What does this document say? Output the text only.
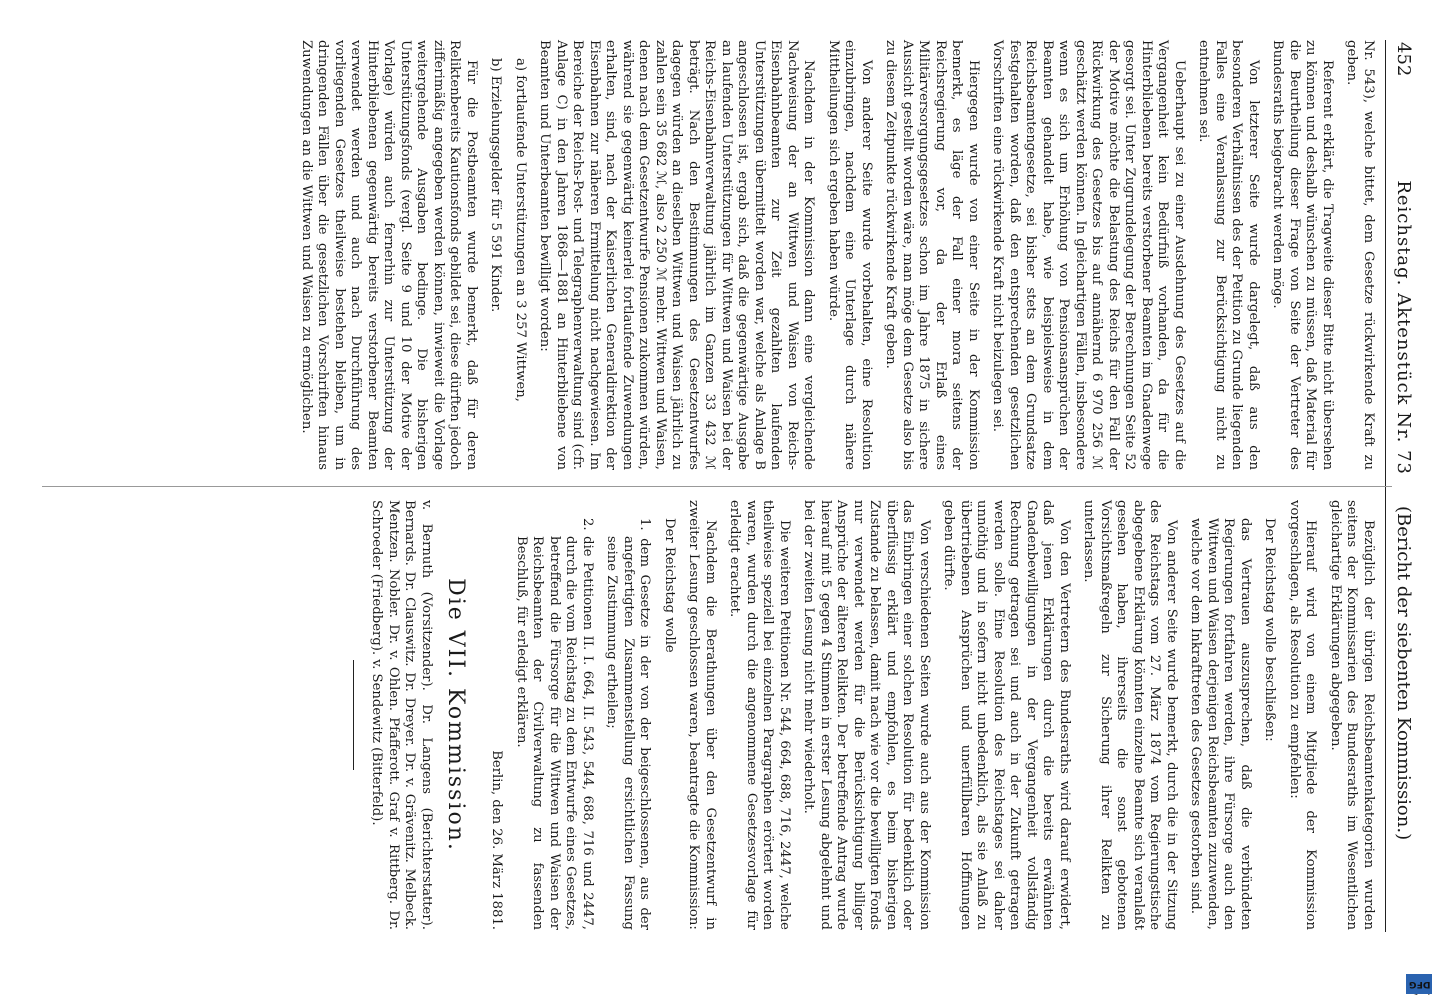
452
Reichstag. Aktenstück Nr. 73
(Bericht der siebenten Kommission.)

Nr. 543), welche bittet, dem Gesetze rückwirkende Kraft zu geben.

Referent erklärt, die Tragweite dieser Bitte nicht übersehen zu können und deshalb wünschen zu müssen, daß Material für die Beurtheilung dieser Frage von Seite der Vertreter des Bundesraths beigebracht werden möge.

Von letzterer Seite wurde dargelegt, daß aus den besonderen Verhältnissen des der Petition zu Grunde liegenden Falles eine Veranlassung zur Berücksichtigung nicht zu entnehmen sei.

Ueberhaupt sei zu einer Ausdehnung des Gesetzes auf die Vergangenheit kein Bedürfniß vorhanden, da für die Hinterbliebenen bereits verstorbener Beamten im Gnadenwege gesorgt sei. Unter Zugrundelegung der Berechnungen Seite 52 der Motive möchte die Belastung des Reichs für den Fall der Rückwirkung des Gesetzes bis auf annähernd 6 970 256 ℳ geschätzt werden können. In gleichartigen Fällen, insbesondere wenn es sich um Erhöhung von Pensionsansprüchen der Beamten gehandelt habe, wie beispielsweise in dem Reichsbeamtengesetze, sei bisher stets an dem Grundsatze festgehalten worden, daß den entsprechenden gesetzlichen Vorschriften eine rückwirkende Kraft nicht beizulegen sei.

Hiergegen wurde von einer Seite in der Kommission bemerkt, es läge der Fall einer mora seitens der Reichsregierung vor, da der Erlaß eines Militärversorgungsgesetzes schon im Jahre 1875 in sichere Aussicht gestellt worden wäre, man möge dem Gesetze also bis zu diesem Zeitpunkte rückwirkende Kraft geben.

Von anderer Seite wurde vorbehalten, eine Resolution einzubringen, nachdem eine Unterlage durch nähere Mittheilungen sich ergeben haben würde.

Nachdem in der Kommission dann eine vergleichende Nachweisung der an Wittwen und Waisen von Reichs-Eisenbahnbeamten zur Zeit gezahlten laufenden Unterstützungen übermittelt worden war, welche als Anlage B angeschlossen ist, ergab sich, daß die gegenwärtige Ausgabe an laufenden Unterstützungen für Wittwen und Waisen bei der Reichs-Eisenbahnverwaltung jährlich im Ganzen 33 432 ℳ beträgt. Nach den Bestimmungen des Gesetzentwurfes dagegen würden an dieselben Wittwen und Waisen jährlich zu zahlen sein 35 682 ℳ, also 2 250 ℳ mehr. Wittwen und Waisen, denen nach dem Gesetzentwurfe Pensionen zukommen würden, während sie gegenwärtig keinerlei fortlaufende Zuwendungen erhalten, sind, nach der Kaiserlichen Generaldirektion der Eisenbahnen zur näheren Ermittelung nicht nachgewiesen. Im Bereiche der Reichs-Post- und Telegraphenverwaltung sind (cfr. Anlage C) in den Jahren 1868—1881 an Hinterbliebene von Beamten und Unterbeamten bewilligt worden:

a) fortlaufende Unterstützungen an 3 257 Wittwen,

b) Erziehungsgelder für 5 591 Kinder.

Für die Postbeamten wurde bemerkt, daß für deren Reliktenbereits Kautionsfonds gebildet sei, diese dürften jedoch zifferimäßig angegeben werden können, inwieweit die Vorlage weitergehende Ausgaben bedinge. Die bisherigen Unterstützungsfonds (vergl. Seite 9 und 10 der Motive der Vorlage) würden auch fernerhin zur Unterstützung der Hinterbliebenen gegenwärtig bereits verstorbener Beamten verwendet werden und auch nach Durchführung des vorliegenden Gesetzes theilweise bestehen bleiben, um in dringenden Fällen über die gesetzlichen Vorschriften hinaus Zuwendungen an die Wittwen und Waisen zu ermöglichen.

Bezüglich der übrigen Reichsbeamtenkategorien wurden seitens der Kommissarien des Bundesraths im Wesentlichen gleichartige Erklärungen abgegeben.

Hierauf wird von einem Mitgliede der Kommission vorgeschlagen, als Resolution zu empfehlen:

Der Reichstag wolle beschließen:

das Vertrauen auszusprechen, daß die verbündeten Regierungen fortfahren werden, ihre Fürsorge auch den Wittwen und Waisen derjenigen Reichsbeamten zuzuwenden, welche vor dem Inkrafttreten des Gesetzes gestorben sind.

Von anderer Seite wurde bemerkt, durch die in der Sitzung des Reichstags vom 27. März 1874 vom Regierungstische abgegebene Erklärung könnten einzelne Beamte sich veranlaßt gesehen haben, ihrerseits die sonst gebotenen Vorsichtsmaßregeln zur Sicherung ihrer Relikten zu unterlassen.

Von den Vertretern des Bundesraths wird darauf erwidert, daß jenen Erklärungen durch die bereits erwähnten Gnadenbewilligungen in der Vergangenheit vollständig Rechnung getragen sei und auch in der Zukunft getragen werden solle. Eine Resolution des Reichstages sei daher unnöthig und in sofern nicht unbedenklich, als sie Anlaß zu übertriebenen Ansprüchen und unerfüllbaren Hoffnungen geben dürfte.

Von verschiedenen Seiten wurde auch aus der Kommission das Einbringen einer solchen Resolution für bedenklich oder überflüssig erklärt und empfohlen, es beim bisherigen Zustande zu belassen, damit nach wie vor die bewilligten Fonds nur verwendet werden für die Berücksichtigung billiger Ansprüche der älteren Relikten. Der betreffende Antrag wurde hierauf mit 5 gegen 4 Stimmen in erster Lesung abgelehnt und bei der zweiten Lesung nicht mehr wiederholt.

Die weiteren Petitionen Nr. 544, 664, 688, 716, 2447, welche theilweise speziell bei einzelnen Paragraphen erörtert worden waren, wurden durch die angenommene Gesetzesvorlage für erledigt erachtet.

Nachdem die Berathungen über den Gesetzentwurf in zweiter Lesung geschlossen waren, beantragte die Kommission:

Der Reichstag wolle

1. dem Gesetze in der von der beigeschlossenen, aus der angefertigten Zusammenstellung ersichtlichen Fassung seine Zustimmung ertheilen;

2. die Petitionen II. I. 664, II. 543, 544, 688, 716 und 2447, durch die vom Reichstag zu dem Entwurfe eines Gesetzes, betreffend die Fürsorge für die Wittwen und Waisen der Reichsbeamten der Civilverwaltung zu fassenden Beschluß, für erledigt erklären.

Berlin, den 26. März 1881.

Die VII. Kommission.

v. Bernuth (Vorsitzender). Dr. Langens (Berichterstatter). Bernards. Dr. Clauswitz. Dr. Dreyer. Dr. v. Grävenitz. Melbeck. Mentzen. Nobler. Dr. v. Ohlen. Pfafferott. Graf v. Rittberg. Dr. Schroeder (Friedberg). v. Sendewitz (Bitterfeld).

DFG
